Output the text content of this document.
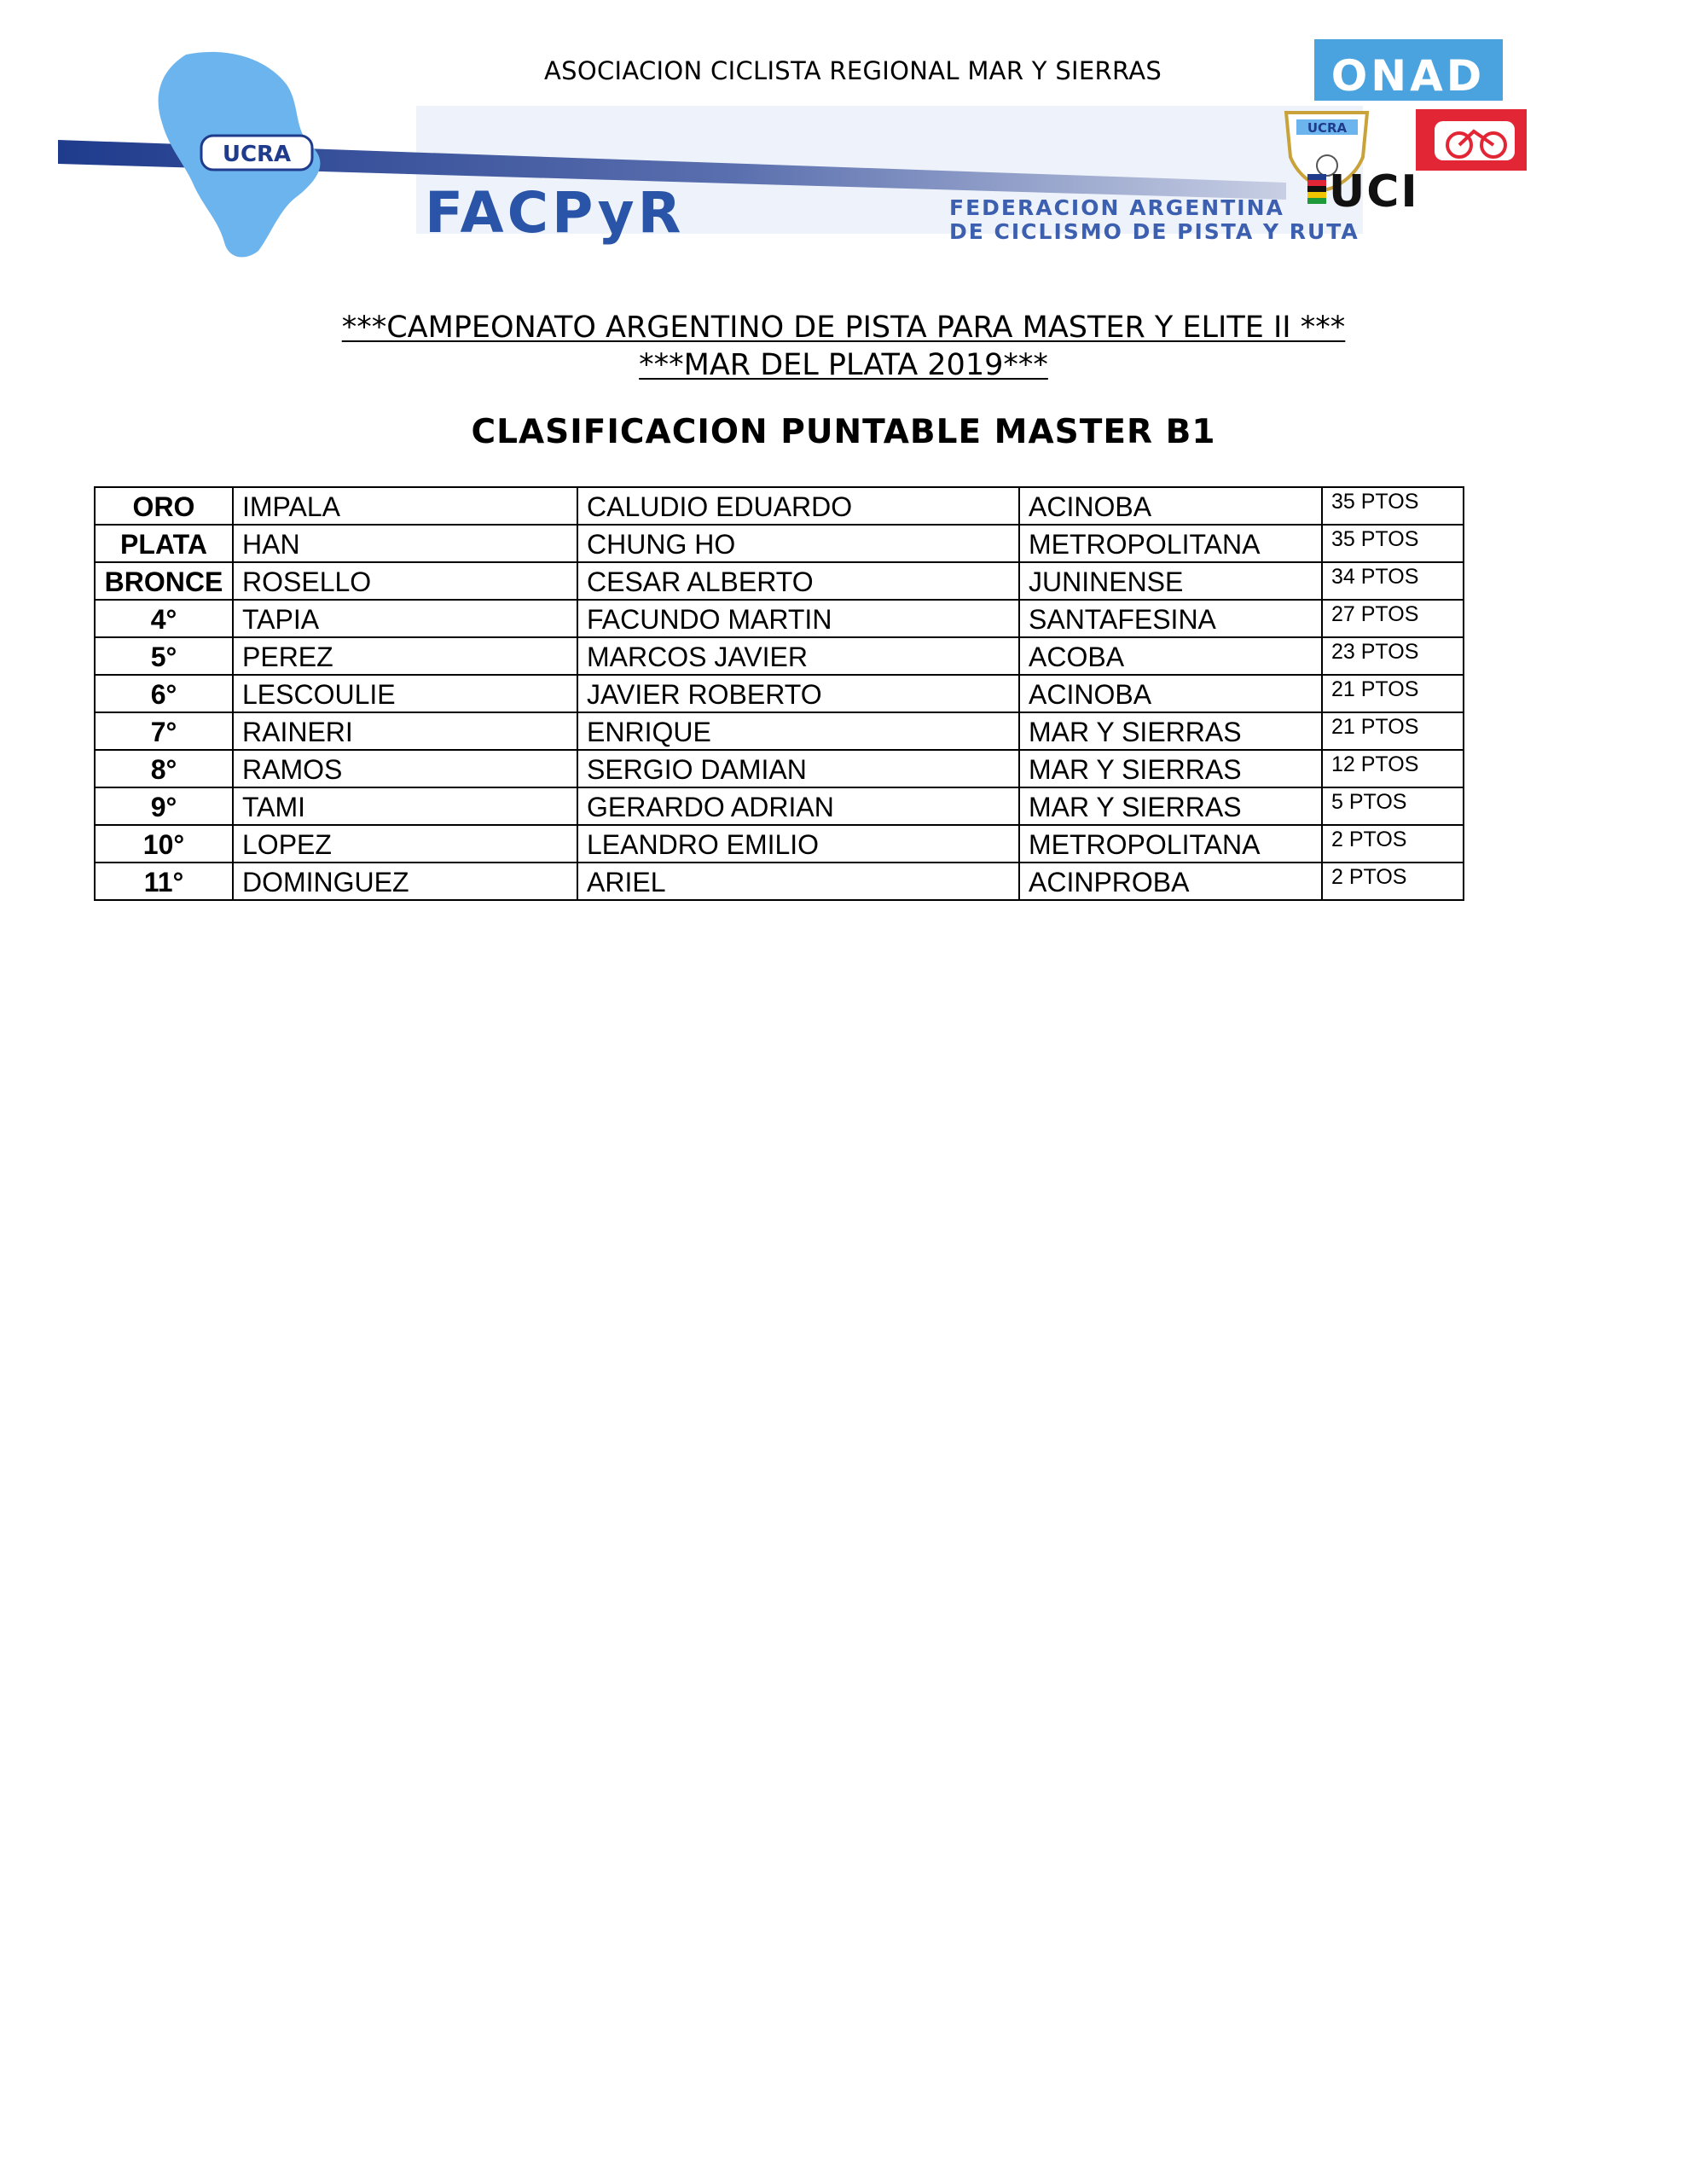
UCRA
FACPyR	FEDERACION ARGENTINA
DE CICLISMO DE PISTA Y RUTA
ONAD
UCRA
UCI
ASOCIACION CICLISTA REGIONAL MAR Y SIERRAS
***CAMPEONATO ARGENTINO DE PISTA PARA MASTER Y ELITE II ***
***MAR DEL PLATA 2019***
CLASIFICACION PUNTABLE MASTER B1
ORO	IMPALA	CALUDIO EDUARDO	ACINOBA	35 PTOS
PLATA	HAN	CHUNG HO	METROPOLITANA	35 PTOS
BRONCE	ROSELLO	CESAR ALBERTO	JUNINENSE	34 PTOS
4°	TAPIA	FACUNDO MARTIN	SANTAFESINA	27 PTOS
5°	PEREZ	MARCOS JAVIER	ACOBA	23 PTOS
6°	LESCOULIE	JAVIER ROBERTO	ACINOBA	21 PTOS
7°	RAINERI	ENRIQUE	MAR Y SIERRAS	21 PTOS
8°	RAMOS	SERGIO DAMIAN	MAR Y SIERRAS	12 PTOS
9°	TAMI	GERARDO ADRIAN	MAR Y SIERRAS	5 PTOS
10°	LOPEZ	LEANDRO EMILIO	METROPOLITANA	2 PTOS
11°	DOMINGUEZ	ARIEL	ACINPROBA	2 PTOS
